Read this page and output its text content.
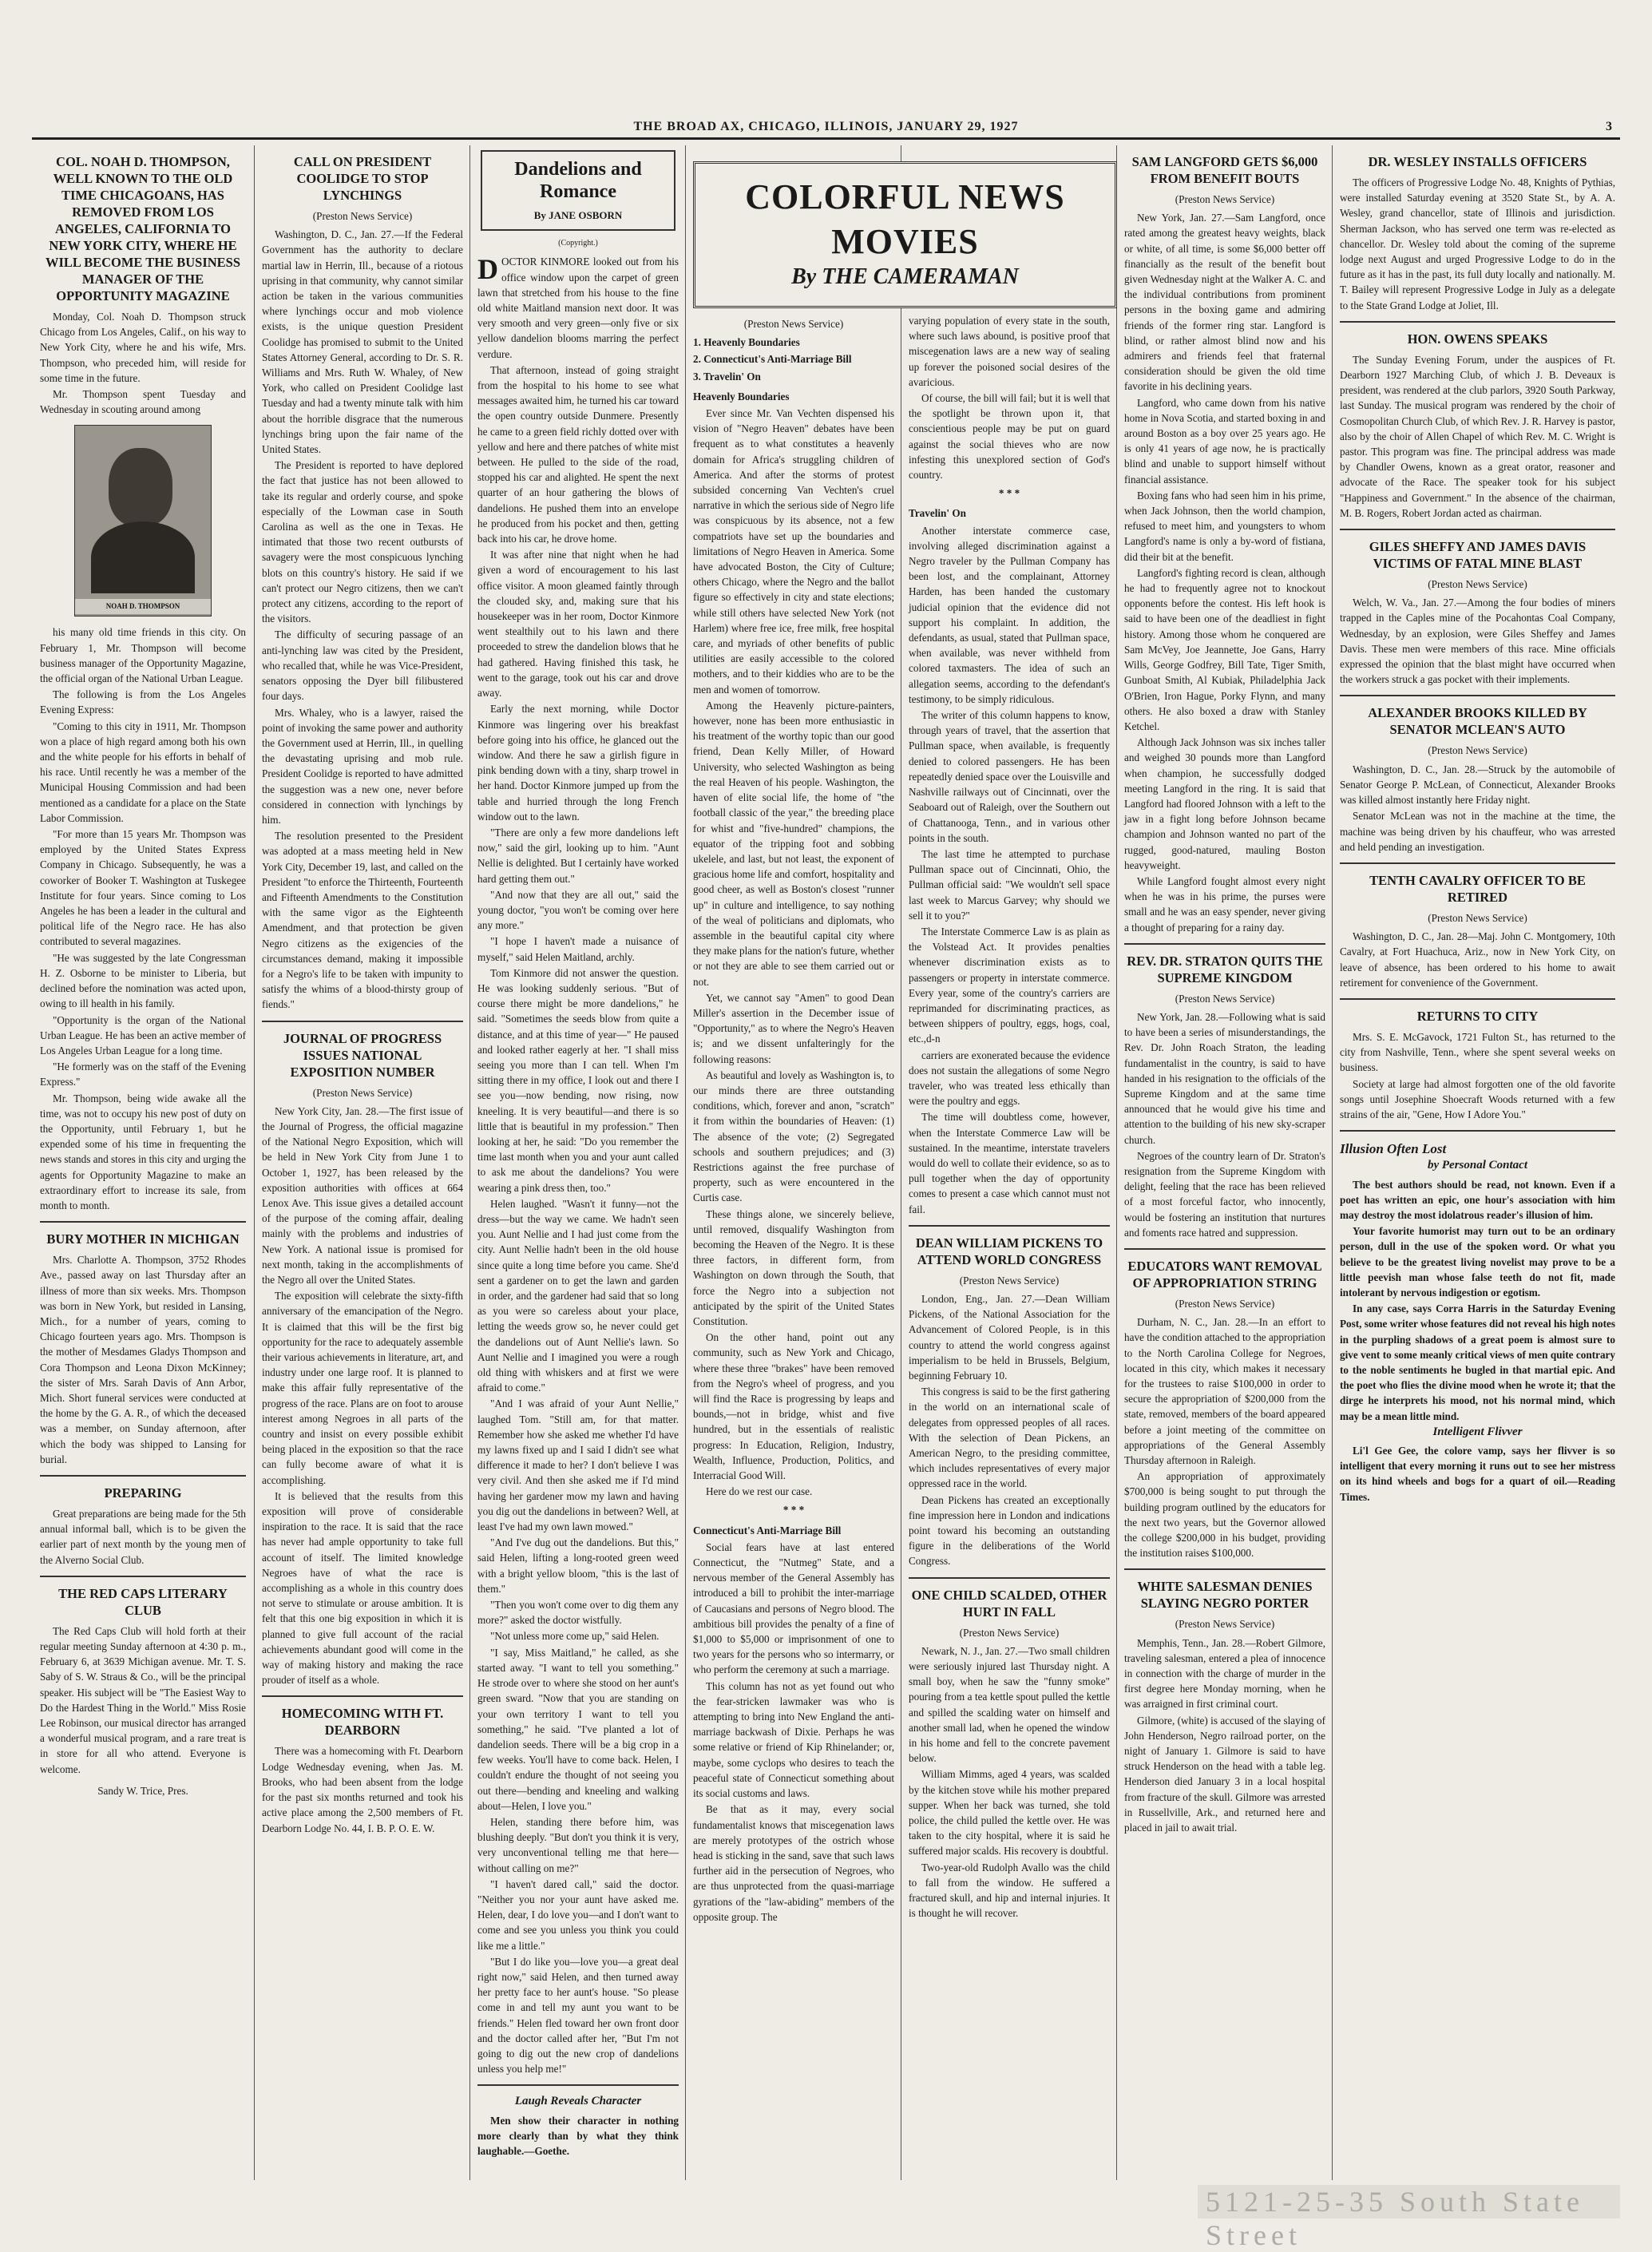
THE BROAD AX, CHICAGO, ILLINOIS, JANUARY 29, 1927	3
COL. NOAH D. THOMPSON, WELL KNOWN TO THE OLD TIME CHICAGOANS, HAS REMOVED FROM LOS ANGELES, CALIFORNIA TO NEW YORK CITY, WHERE HE WILL BECOME THE BUSINESS MANAGER OF THE OPPORTUNITY MAGAZINE

Monday, Col. Noah D. Thompson struck Chicago from Los Angeles, Calif., on his way to New York City, where he and his wife, Mrs. Thompson, who preceded him, will reside for some time in the future.

Mr. Thompson spent Tuesday and Wednesday in scouting around among

NOAH D. THOMPSON

his many old time friends in this city. On February 1, Mr. Thompson will become business manager of the Opportunity Magazine, the official organ of the National Urban League.

The following is from the Los Angeles Evening Express:

"Coming to this city in 1911, Mr. Thompson won a place of high regard among both his own and the white people for his efforts in behalf of his race. Until recently he was a member of the Municipal Housing Commission and had been mentioned as a candidate for a place on the State Labor Commission.

"For more than 15 years Mr. Thompson was employed by the United States Express Company in Chicago. Subsequently, he was a coworker of Booker T. Washington at Tuskegee Institute for four years. Since coming to Los Angeles he has been a leader in the cultural and political life of the Negro race. He has also contributed to several magazines.

"He was suggested by the late Congressman H. Z. Osborne to be minister to Liberia, but declined before the nomination was acted upon, owing to ill health in his family.

"Opportunity is the organ of the National Urban League. He has been an active member of Los Angeles Urban League for a long time.

"He formerly was on the staff of the Evening Express."

Mr. Thompson, being wide awake all the time, was not to occupy his new post of duty on the Opportunity, until February 1, but he expended some of his time in frequenting the news stands and stores in this city and urging the agents for Opportunity Magazine to make an extraordinary effort to increase its sale, from month to month.

BURY MOTHER IN MICHIGAN

Mrs. Charlotte A. Thompson, 3752 Rhodes Ave., passed away on last Thursday after an illness of more than six weeks. Mrs. Thompson was born in New York, but resided in Lansing, Mich., for a number of years, coming to Chicago fourteen years ago. Mrs. Thompson is the mother of Mesdames Gladys Thompson and Cora Thompson and Leona Dixon McKinney; the sister of Mrs. Sarah Davis of Ann Arbor, Mich. Short funeral services were conducted at the home by the G. A. R., of which the deceased was a member, on Sunday afternoon, after which the body was shipped to Lansing for burial.

PREPARING

Great preparations are being made for the 5th annual informal ball, which is to be given the earlier part of next month by the young men of the Alverno Social Club.

THE RED CAPS LITERARY CLUB

The Red Caps Club will hold forth at their regular meeting Sunday afternoon at 4:30 p. m., February 6, at 3639 Michigan avenue. Mr. T. S. Saby of S. W. Straus & Co., will be the principal speaker. His subject will be "The Easiest Way to Do the Hardest Thing in the World." Miss Rosie Lee Robinson, our musical director has arranged a wonderful musical program, and a rare treat is in store for all who attend. Everyone is welcome.

Sandy W. Trice, Pres.
CALL ON PRESIDENT COOLIDGE TO STOP LYNCHINGS
(Preston News Service)

Washington, D. C., Jan. 27.—If the Federal Government has the authority to declare martial law in Herrin, Ill., because of a riotous uprising in that community, why cannot similar action be taken in the various communities where lynchings occur and mob violence exists, is the unique question President Coolidge has promised to submit to the United States Attorney General, according to Dr. S. R. Williams and Mrs. Ruth W. Whaley, of New York, who called on President Coolidge last Tuesday and had a twenty minute talk with him about the horrible disgrace that the numerous lynchings bring upon the fair name of the United States.

The President is reported to have deplored the fact that justice has not been allowed to take its regular and orderly course, and spoke especially of the Lowman case in South Carolina as well as the one in Texas. He intimated that those two recent outbursts of savagery were the most conspicuous lynching blots on this country's history. He said if we can't protect our Negro citizens, then we can't protect any citizens, according to the report of the visitors.

The difficulty of securing passage of an anti-lynching law was cited by the President, who recalled that, while he was Vice-President, senators opposing the Dyer bill filibustered four days.

Mrs. Whaley, who is a lawyer, raised the point of invoking the same power and authority the Government used at Herrin, Ill., in quelling the devastating uprising and mob rule. President Coolidge is reported to have admitted the suggestion was a new one, never before considered in connection with lynchings by him.

The resolution presented to the President was adopted at a mass meeting held in New York City, December 19, last, and called on the President "to enforce the Thirteenth, Fourteenth and Fifteenth Amendments to the Constitution with the same vigor as the Eighteenth Amendment, and that protection be given Negro citizens as the exigencies of the circumstances demand, making it impossible for a Negro's life to be taken with impunity to satisfy the whims of a blood-thirsty group of fiends."

JOURNAL OF PROGRESS ISSUES NATIONAL EXPOSITION NUMBER
(Preston News Service)

New York City, Jan. 28.—The first issue of the Journal of Progress, the official magazine of the National Negro Exposition, which will be held in New York City from June 1 to October 1, 1927, has been released by the exposition authorities with offices at 664 Lenox Ave. This issue gives a detailed account of the purpose of the coming affair, dealing mainly with the problems and industries of New York. A national issue is promised for next month, taking in the accomplishments of the Negro all over the United States.

The exposition will celebrate the sixty-fifth anniversary of the emancipation of the Negro. It is claimed that this will be the first big opportunity for the race to adequately assemble their various achievements in literature, art, and industry under one large roof. It is planned to make this affair fully representative of the progress of the race. Plans are on foot to arouse interest among Negroes in all parts of the country and insist on every possible exhibit being placed in the exposition so that the race can fully become aware of what it is accomplishing.

It is believed that the results from this exposition will prove of considerable inspiration to the race. It is said that the race has never had ample opportunity to take full account of itself. The limited knowledge Negroes have of what the race is accomplishing as a whole in this country does not serve to stimulate or arouse ambition. It is felt that this one big exposition in which it is planned to give full account of the racial achievements abundant good will come in the way of making history and making the race prouder of itself as a whole.

HOMECOMING WITH FT. DEARBORN

There was a homecoming with Ft. Dearborn Lodge Wednesday evening, when Jas. M. Brooks, who had been absent from the lodge for the past six months returned and took his active place among the 2,500 members of Ft. Dearborn Lodge No. 44, I. B. P. O. E. W.

Dandelions and Romance
By JANE OSBORN
(Copyright.)

DOCTOR KINMORE looked out from his office window upon the carpet of green lawn that stretched from his house to the fine old white Maitland mansion next door. It was very smooth and very green—only five or six yellow dandelion blooms marring the perfect verdure.

That afternoon, instead of going straight from the hospital to his home to see what messages awaited him, he turned his car toward the open country outside Dunmere. Presently he came to a green field richly dotted over with yellow and here and there patches of white mist between. He pulled to the side of the road, stopped his car and alighted. He spent the next quarter of an hour gathering the blows of dandelions. He pushed them into an envelope he produced from his pocket and then, getting back into his car, he drove home.

It was after nine that night when he had given a word of encouragement to his last office visitor. A moon gleamed faintly through the clouded sky, and, making sure that his housekeeper was in her room, Doctor Kinmore went stealthily out to his lawn and there proceeded to strew the dandelion blows that he had gathered. Having finished this task, he went to the garage, took out his car and drove away.

Early the next morning, while Doctor Kinmore was lingering over his breakfast before going into his office, he glanced out the window. And there he saw a girlish figure in pink bending down with a tiny, sharp trowel in her hand. Doctor Kinmore jumped up from the table and hurried through the long French window out to the lawn.

"There are only a few more dandelions left now," said the girl, looking up to him. "Aunt Nellie is delighted. But I certainly have worked hard getting them out."

"And now that they are all out," said the young doctor, "you won't be coming over here any more."

"I hope I haven't made a nuisance of myself," said Helen Maitland, archly.

Tom Kinmore did not answer the question. He was looking suddenly serious. "But of course there might be more dandelions," he said. "Sometimes the seeds blow from quite a distance, and at this time of year—" He paused and looked rather eagerly at her. "I shall miss seeing you more than I can tell. When I'm sitting there in my office, I look out and there I see you—now bending, now rising, now kneeling. It is very beautiful—and there is so little that is beautiful in my profession." Then looking at her, he said: "Do you remember the time last month when you and your aunt called to ask me about the dandelions? You were wearing a pink dress then, too."

Helen laughed. "Wasn't it funny—not the dress—but the way we came. We hadn't seen you. Aunt Nellie and I had just come from the city. Aunt Nellie hadn't been in the old house since quite a long time before you came. She'd sent a gardener on to get the lawn and garden in order, and the gardener had said that so long as you were so careless about your place, letting the weeds grow so, he never could get the dandelions out of Aunt Nellie's lawn. So Aunt Nellie and I imagined you were a rough old thing with whiskers and at first we were afraid to come."

"And I was afraid of your Aunt Nellie," laughed Tom. "Still am, for that matter. Remember how she asked me whether I'd have my lawns fixed up and I said I didn't see what difference it made to her? I don't believe I was very civil. And then she asked me if I'd mind having her gardener mow my lawn and having you dig out the dandelions in between? Well, at least I've had my own lawn mowed."

"And I've dug out the dandelions. But this," said Helen, lifting a long-rooted green weed with a bright yellow bloom, "this is the last of them."

"Then you won't come over to dig them any more?" asked the doctor wistfully.

"Not unless more come up," said Helen.

"I say, Miss Maitland," he called, as she started away. "I want to tell you something." He strode over to where she stood on her aunt's green sward. "Now that you are standing on your own territory I want to tell you something," he said. "I've planted a lot of dandelion seeds. There will be a big crop in a few weeks. You'll have to come back. Helen, I couldn't endure the thought of not seeing you out there—bending and kneeling and walking about—Helen, I love you."

Helen, standing there before him, was blushing deeply. "But don't you think it is very, very unconventional telling me that here—without calling on me?"

"I haven't dared call," said the doctor. "Neither you nor your aunt have asked me. Helen, dear, I do love you—and I don't want to come and see you unless you think you could like me a little."

"But I do like you—love you—a great deal right now," said Helen, and then turned away her pretty face to her aunt's house. "So please come in and tell my aunt you want to be friends." Helen fled toward her own front door and the doctor called after her, "But I'm not going to dig out the new crop of dandelions unless you help me!"

Laugh Reveals Character

Men show their character in nothing more clearly than by what they think laughable.—Goethe.

COLORFUL NEWS MOVIES
By THE CAMERAMAN
(Preston News Service)
1. Heavenly Boundaries
2. Connecticut's Anti-Marriage Bill
3. Travelin' On
Heavenly Boundaries

Ever since Mr. Van Vechten dispensed his vision of "Negro Heaven" debates have been frequent as to what constitutes a heavenly domain for Africa's struggling children of America. And after the storms of protest subsided concerning Van Vechten's cruel narrative in which the serious side of Negro life was conspicuous by its absence, not a few compatriots have set up the boundaries and limitations of Negro Heaven in America. Some have advocated Boston, the City of Culture; others Chicago, where the Negro and the ballot figure so effectively in city and state elections; while still others have selected New York (not Harlem) where free ice, free milk, free hospital care, and myriads of other benefits of public utilities are easily accessible to the colored mothers, and to their kiddies who are to be the men and women of tomorrow.

Among the Heavenly picture-painters, however, none has been more enthusiastic in his treatment of the worthy topic than our good friend, Dean Kelly Miller, of Howard University, who selected Washington as being the real Heaven of his people. Washington, the haven of elite social life, the home of "the football classic of the year," the breeding place for whist and "five-hundred" champions, the equator of the tripping foot and sobbing ukelele, and last, but not least, the exponent of gracious home life and comfort, hospitality and good cheer, as well as Boston's closest "runner up" in culture and intelligence, to say nothing of the weal of politicians and diplomats, who assemble in the beautiful capital city where they make plans for the nation's future, whether or not they are able to see them carried out or not.

Yet, we cannot say "Amen" to good Dean Miller's assertion in the December issue of "Opportunity," as to where the Negro's Heaven is; and we dissent unfalteringly for the following reasons:

As beautiful and lovely as Washington is, to our minds there are three outstanding conditions, which, forever and anon, "scratch" it from within the boundaries of Heaven: (1) The absence of the vote; (2) Segregated schools and southern prejudices; and (3) Restrictions against the free purchase of property, such as were encountered in the Curtis case.

These things alone, we sincerely believe, until removed, disqualify Washington from becoming the Heaven of the Negro. It is these three factors, in different form, from Washington on down through the South, that force the Negro into a subjection not anticipated by the spirit of the United States Constitution.

On the other hand, point out any community, such as New York and Chicago, where these three "brakes" have been removed from the Negro's wheel of progress, and you will find the Race is progressing by leaps and bounds,—not in bridge, whist and five hundred, but in the essentials of realistic progress: In Education, Religion, Industry, Wealth, Influence, Production, Politics, and Interracial Good Will.

Here do we rest our case.

* * *
Connecticut's Anti-Marriage Bill

Social fears have at last entered Connecticut, the "Nutmeg" State, and a nervous member of the General Assembly has introduced a bill to prohibit the inter-marriage of Caucasians and persons of Negro blood. The ambitious bill provides the penalty of a fine of $1,000 to $5,000 or imprisonment of one to two years for the persons who so intermarry, or who perform the ceremony at such a marriage.

This column has not as yet found out who the fear-stricken lawmaker was who is attempting to bring into New England the anti-marriage backwash of Dixie. Perhaps he was some relative or friend of Kip Rhinelander; or, maybe, some cyclops who desires to teach the peaceful state of Connecticut something about its social customs and laws.

Be that as it may, every social fundamentalist knows that miscegenation laws are merely prototypes of the ostrich whose head is sticking in the sand, save that such laws further aid in the persecution of Negroes, who are thus unprotected from the quasi-marriage gyrations of the "law-abiding" members of the opposite group. The

varying population of every state in the south, where such laws abound, is positive proof that miscegenation laws are a new way of sealing up forever the poisoned social desires of the avaricious.

Of course, the bill will fail; but it is well that the spotlight be thrown upon it, that conscientious people may be put on guard against the social thieves who are now infesting this unexplored section of God's country.

* * *
Travelin' On

Another interstate commerce case, involving alleged discrimination against a Negro traveler by the Pullman Company has been lost, and the complainant, Attorney Harden, has been handed the customary judicial opinion that the evidence did not support his complaint. In addition, the defendants, as usual, stated that Pullman space, when available, was never withheld from colored taxmasters. The idea of such an allegation seems, according to the defendant's testimony, to be simply ridiculous.

The writer of this column happens to know, through years of travel, that the assertion that Pullman space, when available, is frequently denied to colored passengers. He has been repeatedly denied space over the Louisville and Nashville railways out of Cincinnati, over the Seaboard out of Raleigh, over the Southern out of Chattanooga, Tenn., and in various other points in the south.

The last time he attempted to purchase Pullman space out of Cincinnati, Ohio, the Pullman official said: "We wouldn't sell space last week to Marcus Garvey; why should we sell it to you?"

The Interstate Commerce Law is as plain as the Volstead Act. It provides penalties whenever discrimination exists as to passengers or property in interstate commerce. Every year, some of the country's carriers are reprimanded for discriminating practices, as between shippers of poultry, eggs, hogs, coal, etc.,d-n

carriers are exonerated because the evidence does not sustain the allegations of some Negro traveler, who was treated less ethically than were the poultry and eggs.

The time will doubtless come, however, when the Interstate Commerce Law will be sustained. In the meantime, interstate travelers would do well to collate their evidence, so as to pull together when the day of opportunity comes to present a case which cannot must not fail.

DEAN WILLIAM PICKENS TO ATTEND WORLD CONGRESS
(Preston News Service)

London, Eng., Jan. 27.—Dean William Pickens, of the National Association for the Advancement of Colored People, is in this country to attend the world congress against imperialism to be held in Brussels, Belgium, beginning February 10.

This congress is said to be the first gathering in the world on an international scale of delegates from oppressed peoples of all races. With the selection of Dean Pickens, an American Negro, to the presiding committee, which includes representatives of every major oppressed race in the world.

Dean Pickens has created an exceptionally fine impression here in London and indications point toward his becoming an outstanding figure in the deliberations of the World Congress.

ONE CHILD SCALDED, OTHER HURT IN FALL
(Preston News Service)

Newark, N. J., Jan. 27.—Two small children were seriously injured last Thursday night. A small boy, when he saw the "funny smoke" pouring from a tea kettle spout pulled the kettle and spilled the scalding water on himself and another small lad, when he opened the window in his home and fell to the concrete pavement below.

William Mimms, aged 4 years, was scalded by the kitchen stove while his mother prepared supper. When her back was turned, she told police, the child pulled the kettle over. He was taken to the city hospital, where it is said he suffered major scalds. His recovery is doubtful.

Two-year-old Rudolph Avallo was the child to fall from the window. He suffered a fractured skull, and hip and internal injuries. It is thought he will recover.

SAM LANGFORD GETS $6,000 FROM BENEFIT BOUTS
(Preston News Service)

New York, Jan. 27.—Sam Langford, once rated among the greatest heavy weights, black or white, of all time, is some $6,000 better off financially as the result of the benefit bout given Wednesday night at the Walker A. C. and the individual contributions from prominent persons in the boxing game and admiring friends of the former ring star. Langford is blind, or rather almost blind now and his admirers and friends feel that fraternal consideration should be given the old time favorite in his declining years.

Langford, who came down from his native home in Nova Scotia, and started boxing in and around Boston as a boy over 25 years ago. He is only 41 years of age now, he is practically blind and unable to support himself without financial assistance.

Boxing fans who had seen him in his prime, when Jack Johnson, then the world champion, refused to meet him, and youngsters to whom Langford's name is only a by-word of fistiana, did their bit at the benefit.

Langford's fighting record is clean, although he had to frequently agree not to knockout opponents before the contest. His left hook is said to have been one of the deadliest in fight history. Among those whom he conquered are Sam McVey, Joe Jeannette, Joe Gans, Harry Wills, George Godfrey, Bill Tate, Tiger Smith, Gunboat Smith, Al Kubiak, Philadelphia Jack O'Brien, Iron Hague, Porky Flynn, and many others. He also boxed a draw with Stanley Ketchel.

Although Jack Johnson was six inches taller and weighed 30 pounds more than Langford when champion, he successfully dodged meeting Langford in the ring. It is said that Langford had floored Johnson with a left to the jaw in a fight long before Johnson became champion and Johnson wanted no part of the rugged, good-natured, mauling Boston heavyweight.

While Langford fought almost every night when he was in his prime, the purses were small and he was an easy spender, never giving a thought of preparing for a rainy day.

REV. DR. STRATON QUITS THE SUPREME KINGDOM
(Preston News Service)

New York, Jan. 28.—Following what is said to have been a series of misunderstandings, the Rev. Dr. John Roach Straton, the leading fundamentalist in the country, is said to have handed in his resignation to the officials of the Supreme Kingdom and at the same time announced that he would give his time and attention to the building of his new sky-scraper church.

Negroes of the country learn of Dr. Straton's resignation from the Supreme Kingdom with delight, feeling that the race has been relieved of a most forceful factor, who innocently, would be fostering an institution that nurtures and foments race hatred and suppression.

EDUCATORS WANT REMOVAL OF APPROPRIATION STRING
(Preston News Service)

Durham, N. C., Jan. 28.—In an effort to have the condition attached to the appropriation to the North Carolina College for Negroes, located in this city, which makes it necessary for the trustees to raise $100,000 in order to secure the appropriation of $200,000 from the state, removed, members of the board appeared before a joint meeting of the committee on appropriations of the General Assembly Thursday afternoon in Raleigh.

An appropriation of approximately $700,000 is being sought to put through the building program outlined by the educators for the next two years, but the Governor allowed the college $200,000 in his budget, providing the institution raises $100,000.

WHITE SALESMAN DENIES SLAYING NEGRO PORTER
(Preston News Service)

Memphis, Tenn., Jan. 28.—Robert Gilmore, traveling salesman, entered a plea of innocence in connection with the charge of murder in the first degree here Monday morning, when he was arraigned in first criminal court.

Gilmore, (white) is accused of the slaying of John Henderson, Negro railroad porter, on the night of January 1. Gilmore is said to have struck Henderson on the head with a table leg. Henderson died January 3 in a local hospital from fracture of the skull. Gilmore was arrested in Russellville, Ark., and returned here and placed in jail to await trial.

DR. WESLEY INSTALLS OFFICERS

The officers of Progressive Lodge No. 48, Knights of Pythias, were installed Saturday evening at 3520 State St., by A. A. Wesley, grand chancellor, state of Illinois and jurisdiction. Sherman Jackson, who has served one term was re-elected as chancellor. Dr. Wesley told about the coming of the supreme lodge next August and urged Progressive Lodge to do in the future as it has in the past, its full duty locally and nationally. M. T. Bailey will represent Progressive Lodge in July as a delegate to the State Grand Lodge at Joliet, Ill.

HON. OWENS SPEAKS

The Sunday Evening Forum, under the auspices of Ft. Dearborn 1927 Marching Club, of which J. B. Deveaux is president, was rendered at the club parlors, 3920 South Parkway, last Sunday. The musical program was rendered by the choir of Cosmopolitan Church Club, of which Rev. J. R. Harvey is pastor, also by the choir of Allen Chapel of which Rev. M. C. Wright is pastor. This program was fine. The principal address was made by Chandler Owens, known as a great orator, reasoner and advocate of the Race. The speaker took for his subject "Happiness and Government." In the absence of the chairman, M. B. Rogers, Robert Jordan acted as chairman.

GILES SHEFFY AND JAMES DAVIS VICTIMS OF FATAL MINE BLAST
(Preston News Service)

Welch, W. Va., Jan. 27.—Among the four bodies of miners trapped in the Caples mine of the Pocahontas Coal Company, Wednesday, by an explosion, were Giles Sheffey and James Davis. These men were members of this race. Mine officials expressed the opinion that the blast might have occurred when the workers struck a gas pocket with their implements.

ALEXANDER BROOKS KILLED BY SENATOR MCLEAN'S AUTO
(Preston News Service)

Washington, D. C., Jan. 28.—Struck by the automobile of Senator George P. McLean, of Connecticut, Alexander Brooks was killed almost instantly here Friday night.

Senator McLean was not in the machine at the time, the machine was being driven by his chauffeur, who was arrested and held pending an investigation.

TENTH CAVALRY OFFICER TO BE RETIRED
(Preston News Service)

Washington, D. C., Jan. 28—Maj. John C. Montgomery, 10th Cavalry, at Fort Huachuca, Ariz., now in New York City, on leave of absence, has been ordered to his home to await retirement for convenience of the Government.

RETURNS TO CITY

Mrs. S. E. McGavock, 1721 Fulton St., has returned to the city from Nashville, Tenn., where she spent several weeks on business.

Society at large had almost forgotten one of the old favorite songs until Josephine Shoecraft Woods returned with a few strains of the air, "Gene, How I Adore You."

Illusion Often Lost
by Personal Contact

The best authors should be read, not known. Even if a poet has written an epic, one hour's association with him may destroy the most idolatrous reader's illusion of him.

Your favorite humorist may turn out to be an ordinary person, dull in the use of the spoken word. Or what you believe to be the greatest living novelist may prove to be a little peevish man whose false teeth do not fit, made intolerant by nervous indigestion or egotism.

In any case, says Corra Harris in the Saturday Evening Post, some writer whose features did not reveal his high notes in the purpling shadows of a great poem is almost sure to give vent to some meanly critical views of men quite contrary to the noble sentiments he bugled in that martial epic. And the poet who flies the divine mood when he wrote it; that the dirge he interprets his mood, not his normal mind, which may be a mean little mind.

Intelligent Flivver

Li'l Gee Gee, the colore vamp, says her flivver is so intelligent that every morning it runs out to see her mistress on its hind wheels and bogs for a quart of oil.—Reading Times.

5121-25-35 South State Street
